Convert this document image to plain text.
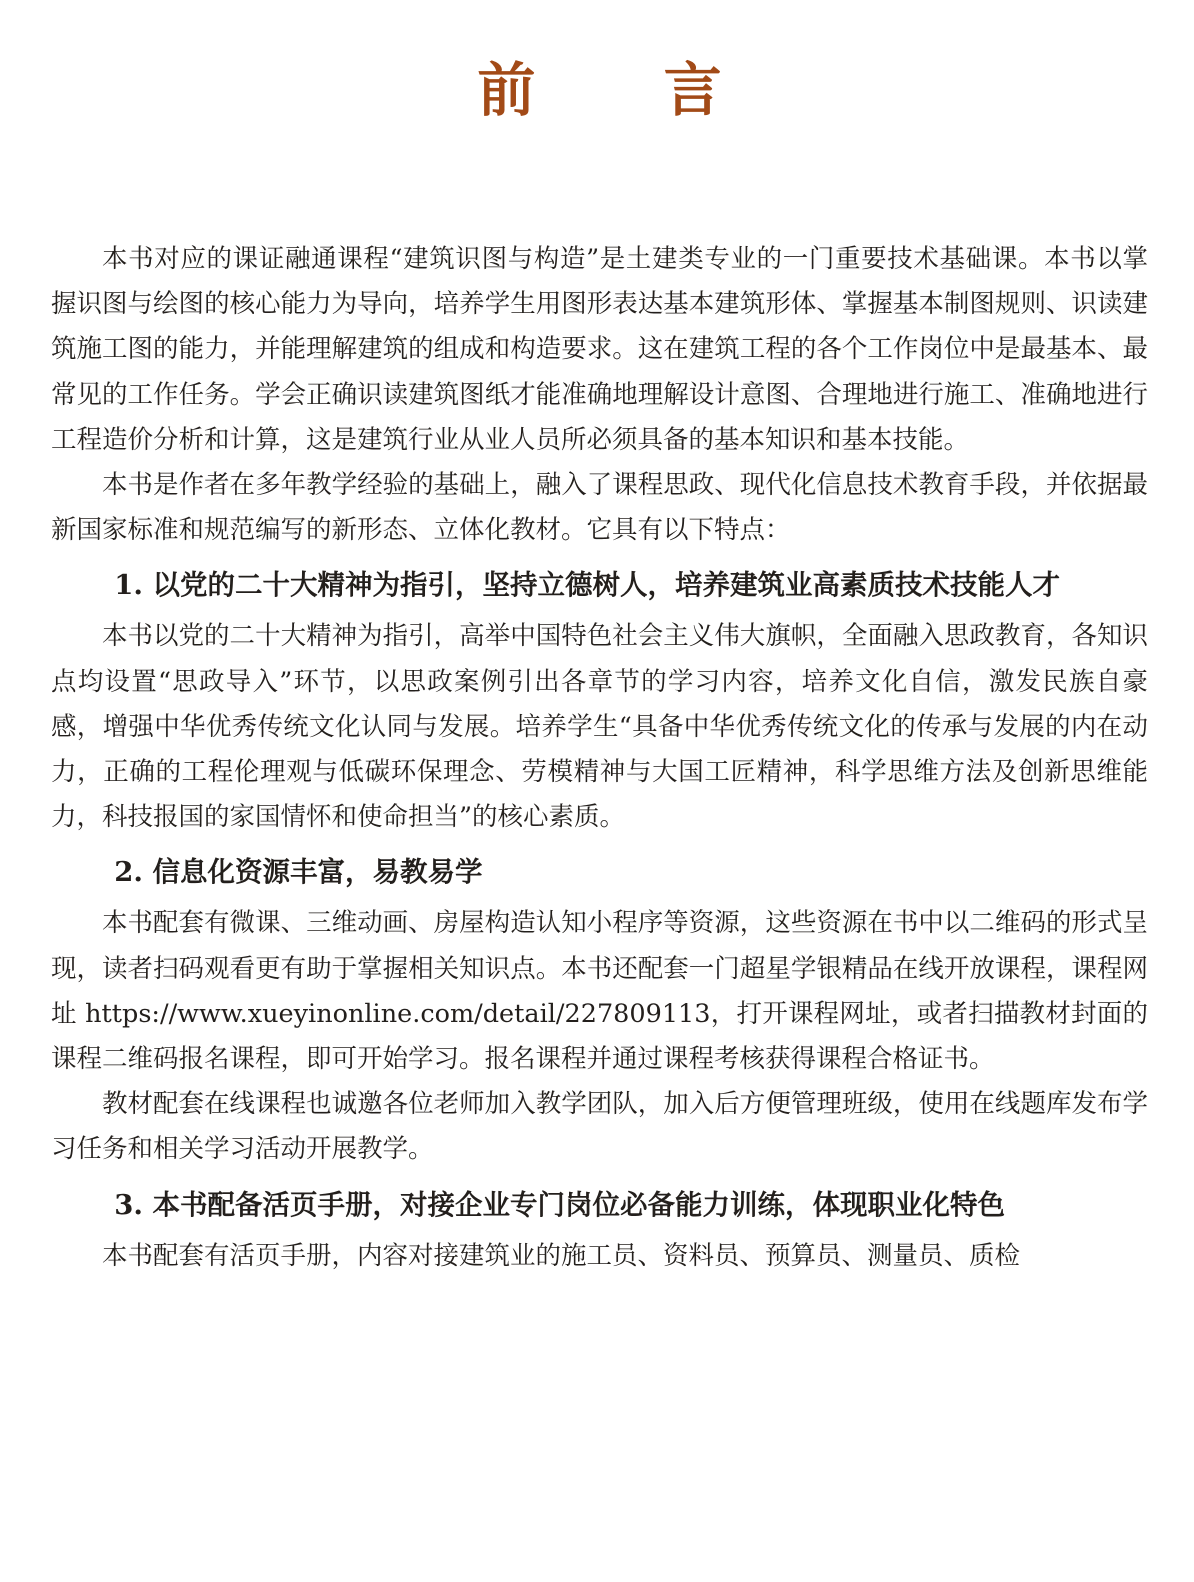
前 言

本书对应的课证融通课程“建筑识图与构造”是土建类专业的一门重要技术基础课。本书以掌握识图与绘图的核心能力为导向，培养学生用图形表达基本建筑形体、掌握基本制图规则、识读建筑施工图的能力，并能理解建筑的组成和构造要求。这在建筑工程的各个工作岗位中是最基本、最常见的工作任务。学会正确识读建筑图纸才能准确地理解设计意图、合理地进行施工、准确地进行工程造价分析和计算，这是建筑行业从业人员所必须具备的基本知识和基本技能。

本书是作者在多年教学经验的基础上，融入了课程思政、现代化信息技术教育手段，并依据最新国家标准和规范编写的新形态、立体化教材。它具有以下特点：

1. 以党的二十大精神为指引，坚持立德树人，培养建筑业高素质技术技能人才

本书以党的二十大精神为指引，高举中国特色社会主义伟大旗帜，全面融入思政教育，各知识点均设置“思政导入”环节，以思政案例引出各章节的学习内容，培养文化自信，激发民族自豪感，增强中华优秀传统文化认同与发展。培养学生“具备中华优秀传统文化的传承与发展的内在动力，正确的工程伦理观与低碳环保理念、劳模精神与大国工匠精神，科学思维方法及创新思维能力，科技报国的家国情怀和使命担当”的核心素质。

2. 信息化资源丰富，易教易学

本书配套有微课、三维动画、房屋构造认知小程序等资源，这些资源在书中以二维码的形式呈现，读者扫码观看更有助于掌握相关知识点。本书还配套一门超星学银精品在线开放课程，课程网址 https://www.xueyinonline.com/detail/227809113，打开课程网址，或者扫描教材封面的课程二维码报名课程，即可开始学习。报名课程并通过课程考核获得课程合格证书。

教材配套在线课程也诚邀各位老师加入教学团队，加入后方便管理班级，使用在线题库发布学习任务和相关学习活动开展教学。

3. 本书配备活页手册，对接企业专门岗位必备能力训练，体现职业化特色

本书配套有活页手册，内容对接建筑业的施工员、资料员、预算员、测量员、质检
